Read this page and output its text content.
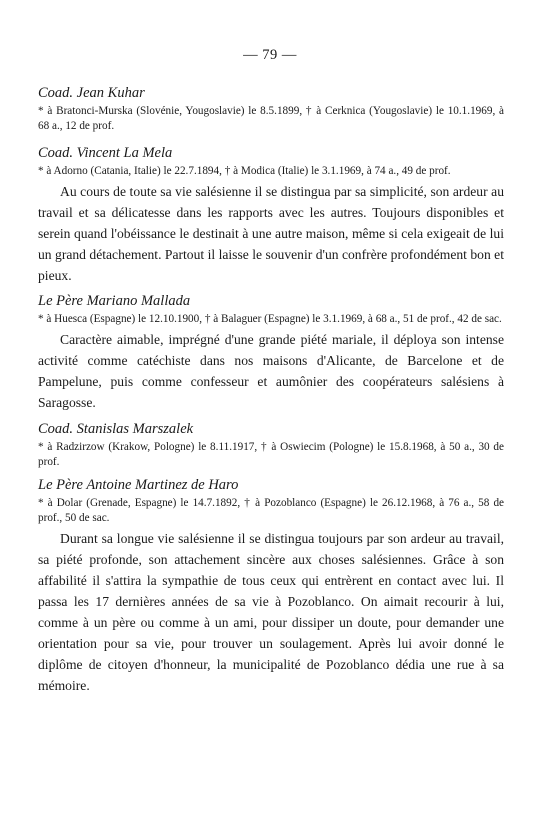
— 79 —

Coad. Jean Kuhar

* à Bratonci-Murska (Slovénie, Yougoslavie) le 8.5.1899, † à Cerknica (Yougoslavie) le 10.1.1969, à 68 a., 12 de prof.

Coad. Vincent La Mela

* à Adorno (Catania, Italie) le 22.7.1894, † à Modica (Italie) le 3.1.1969, à 74 a., 49 de prof.

Au cours de toute sa vie salésienne il se distingua par sa simplicité, son ardeur au travail et sa délicatesse dans les rapports avec les autres. Toujours disponibles et serein quand l'obéissance le destinait à une autre maison, même si cela exigeait de lui un grand détachement. Partout il laisse le souvenir d'un confrère profondément bon et pieux.

Le Père Mariano Mallada

* à Huesca (Espagne) le 12.10.1900, † à Balaguer (Espagne) le 3.1.1969, à 68 a., 51 de prof., 42 de sac.

Caractère aimable, imprégné d'une grande piété mariale, il déploya son intense activité comme catéchiste dans nos maisons d'Alicante, de Barcelone et de Pampelune, puis comme confesseur et aumônier des coopérateurs salésiens à Saragosse.

Coad. Stanislas Marszalek

* à Radzirzow (Krakow, Pologne) le 8.11.1917, † à Oswiecim (Pologne) le 15.8.1968, à 50 a., 30 de prof.

Le Père Antoine Martinez de Haro

* à Dolar (Grenade, Espagne) le 14.7.1892, † à Pozoblanco (Espagne) le 26.12.1968, à 76 a., 58 de prof., 50 de sac.

Durant sa longue vie salésienne il se distingua toujours par son ardeur au travail, sa piété profonde, son attachement sincère aux choses salésiennes. Grâce à son affabilité il s'attira la sympathie de tous ceux qui entrèrent en contact avec lui. Il passa les 17 dernières années de sa vie à Pozoblanco. On aimait recourir à lui, comme à un père ou comme à un ami, pour dissiper un doute, pour demander une orientation pour sa vie, pour trouver un soulagement. Après lui avoir donné le diplôme de citoyen d'honneur, la municipalité de Pozoblanco dédia une rue à sa mémoire.
